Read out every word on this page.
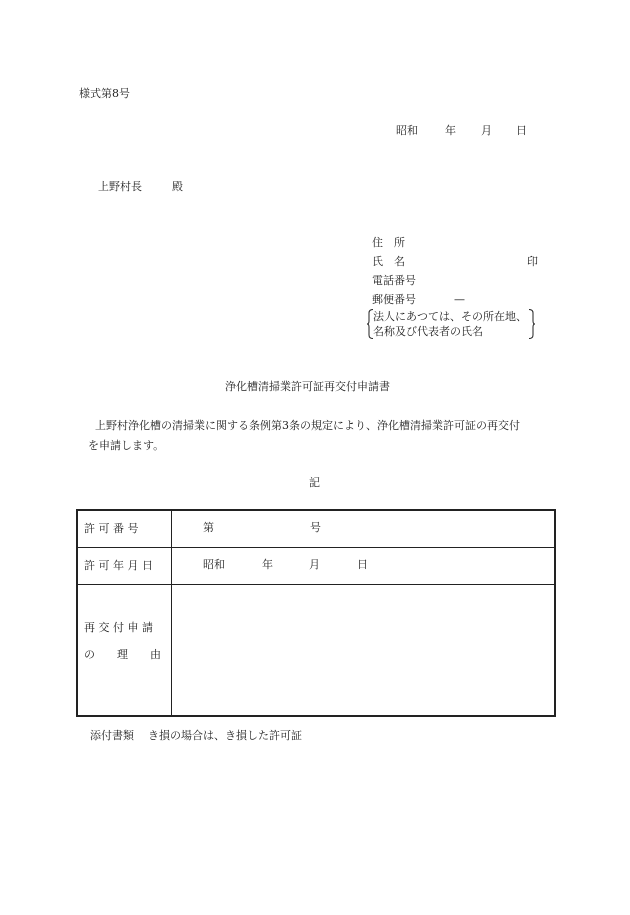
様式第8号
昭和 年 月 日
上野村長	殿
住　所
氏　名	印
電話番号
郵便番号	—
法人にあつては、その所在地、
名称及び代表者の氏名
浄化槽清掃業許可証再交付申請書

上野村浄化槽の清掃業に関する条例第3条の規定により、浄化槽清掃業許可証の再交付

を申請します。

記
許 可 番 号	第 号

許 可 年 月 日	昭和 年 月 日

再 交 付 申 請
の　　理　　由	

添付書類 き損の場合は、き損した許可証
